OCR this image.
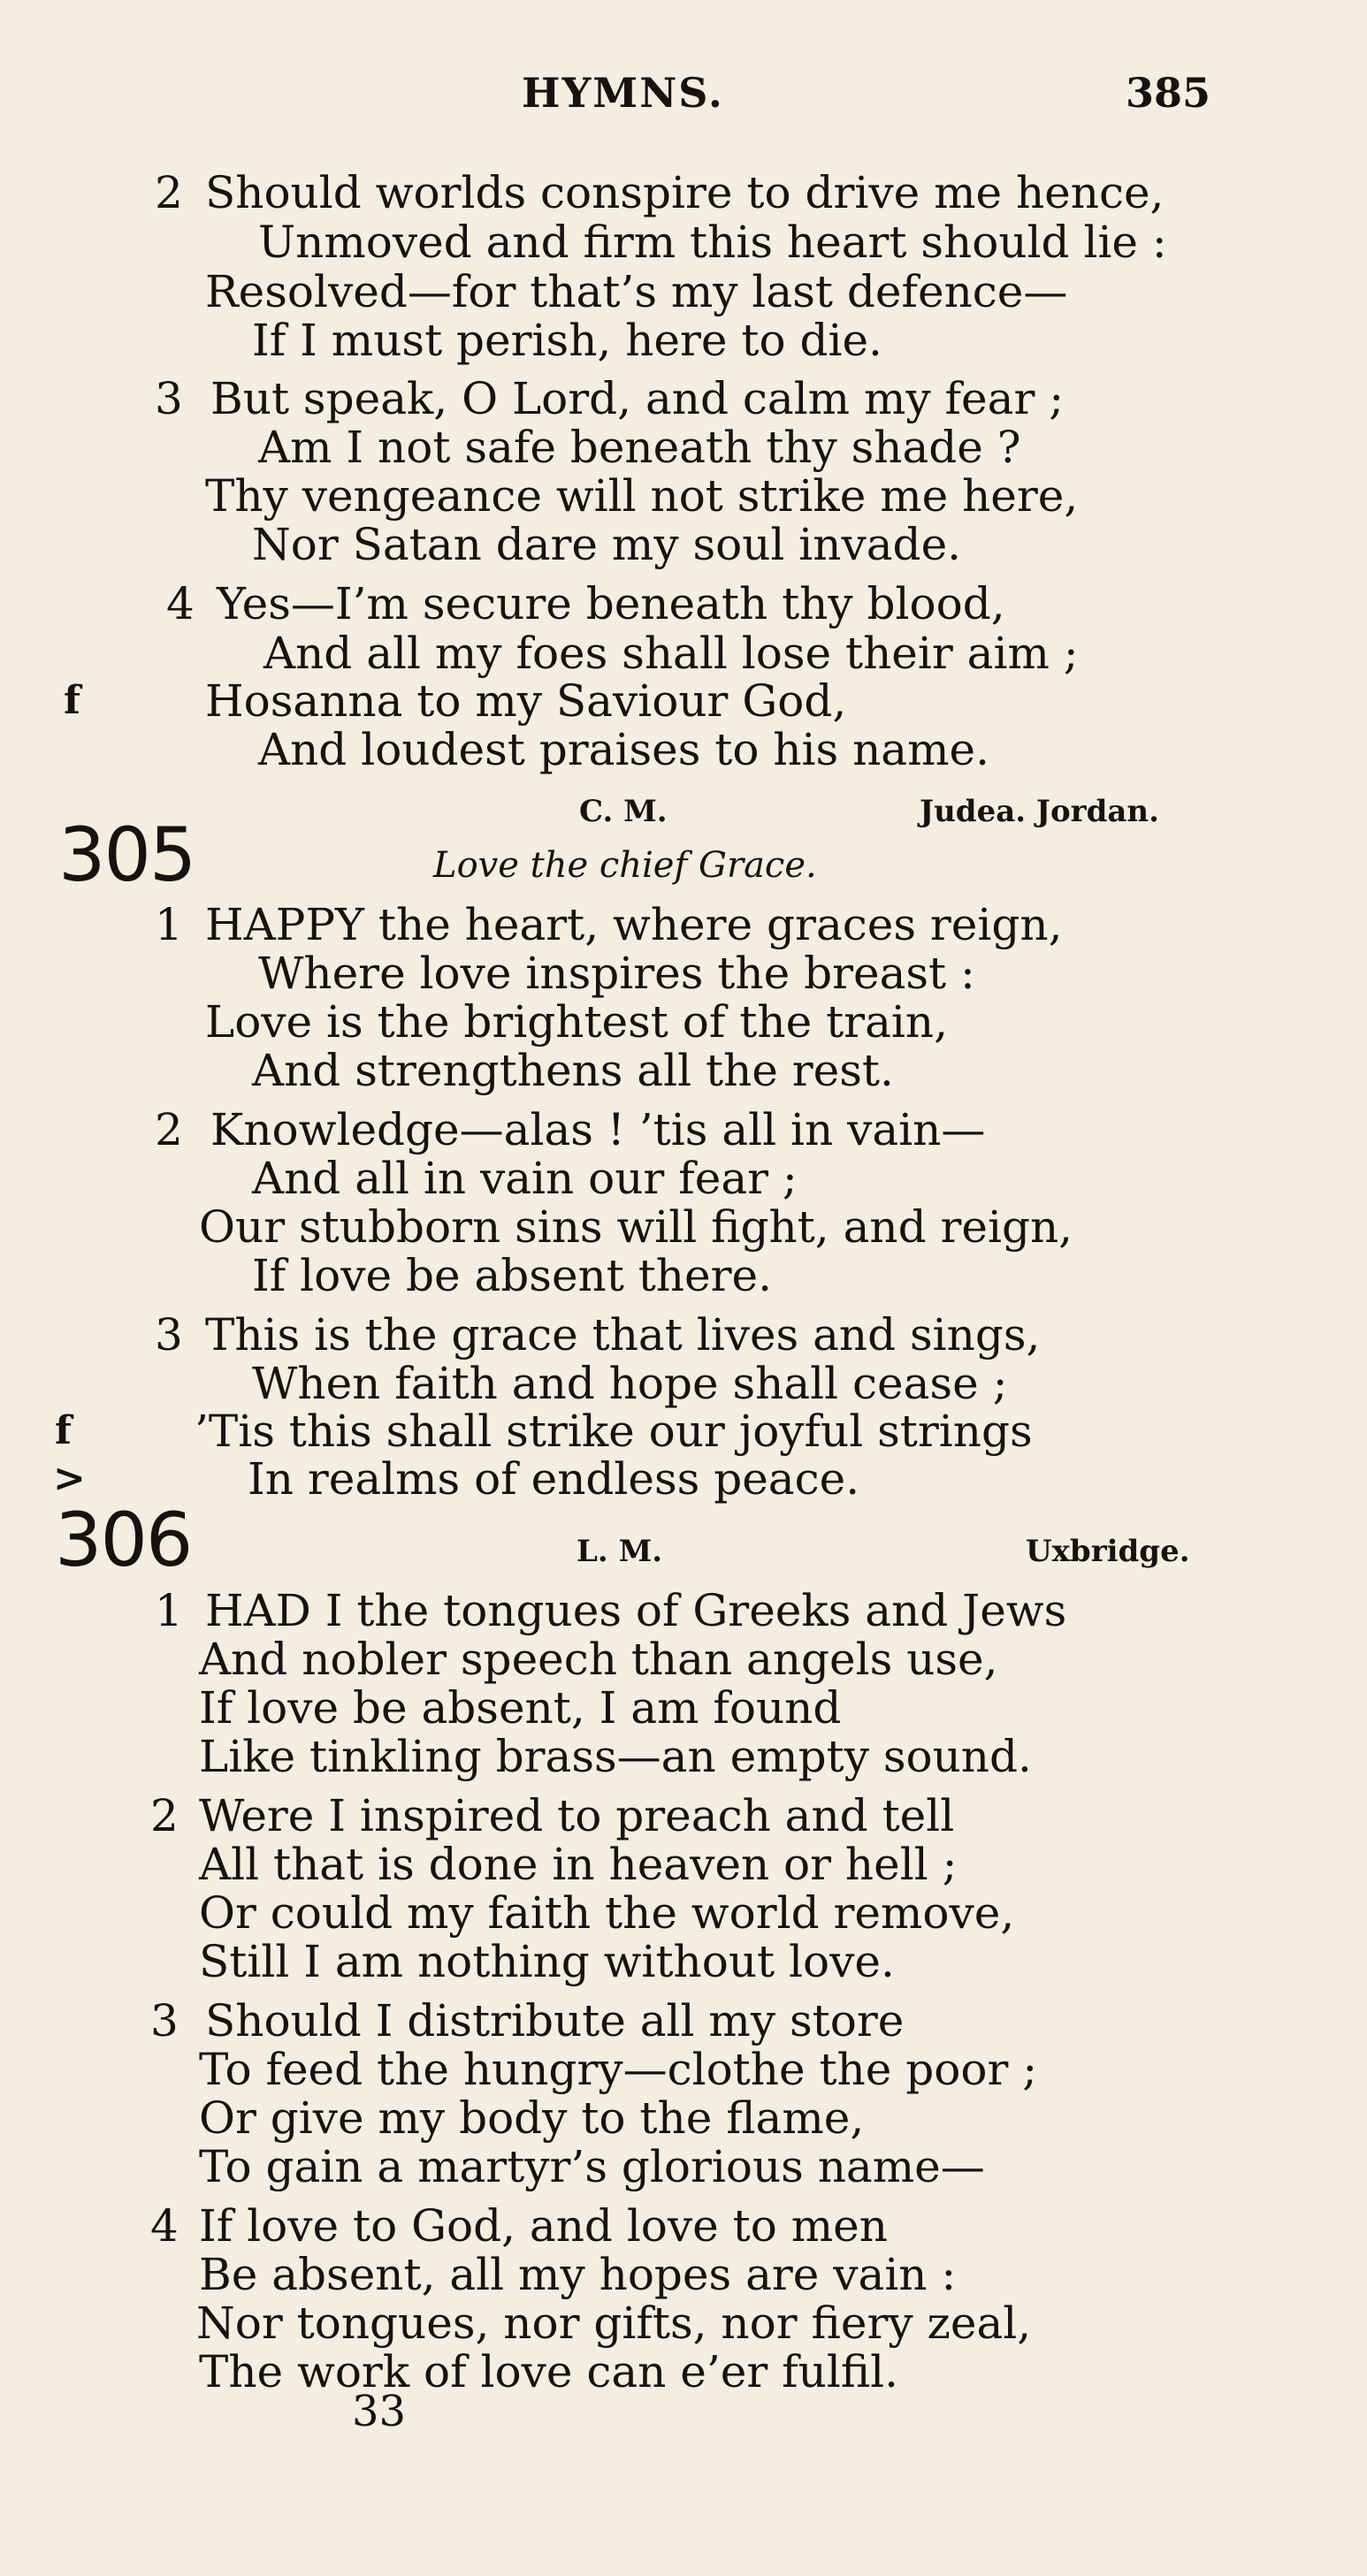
HYMNS.	385
2 Should worlds conspire to drive me hence,
Unmoved and firm this heart should lie :
Resolved—for that’s my last defence—
If I must perish, here to die.
3 But speak, O Lord, and calm my fear ;
Am I not safe beneath thy shade ?
Thy vengeance will not strike me here,
Nor Satan dare my soul invade.
4 Yes—I’m secure beneath thy blood,
And all my foes shall lose their aim ;
f	Hosanna to my Saviour God,
And loudest praises to his name.
305	C. M.	Judea. Jordan.
Love the chief Grace.
1 HAPPY the heart, where graces reign,
Where love inspires the breast :
Love is the brightest of the train,
And strengthens all the rest.
2 Knowledge—alas ! ’tis all in vain—
And all in vain our fear ;
Our stubborn sins will fight, and reign,
If love be absent there.
3 This is the grace that lives and sings,
When faith and hope shall cease ;
f	’Tis this shall strike our joyful strings
>	In realms of endless peace.
306	L. M.	Uxbridge.
1 HAD I the tongues of Greeks and Jews
And nobler speech than angels use,
If love be absent, I am found
Like tinkling brass—an empty sound.
2 Were I inspired to preach and tell
All that is done in heaven or hell ;
Or could my faith the world remove,
Still I am nothing without love.
3 Should I distribute all my store
To feed the hungry—clothe the poor ;
Or give my body to the flame,
To gain a martyr’s glorious name—
4 If love to God, and love to men
Be absent, all my hopes are vain :
Nor tongues, nor gifts, nor fiery zeal,
The work of love can e’er fulfil.
33
